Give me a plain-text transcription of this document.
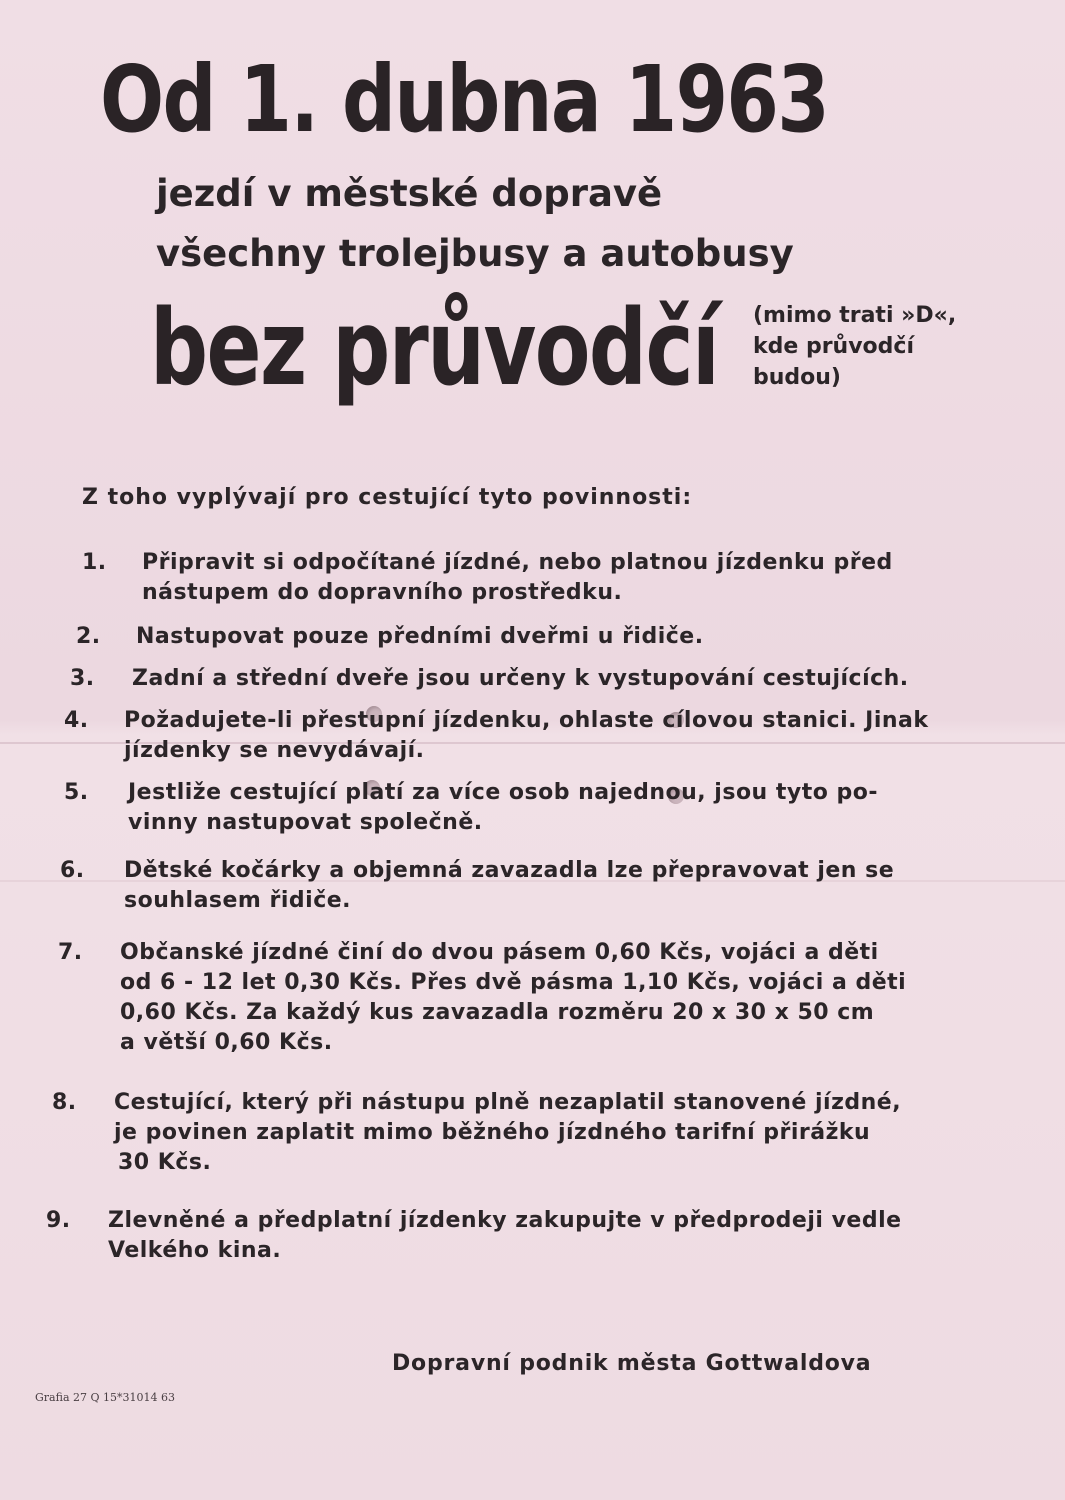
Od 1. dubna 1963
jezdí v městské dopravě
všechny trolejbusy a autobusy
bez průvodčí (mimo trati »D«,
kde průvodčí
budou)
Z toho vyplývají pro cestující tyto povinnosti:
1.	Připravit si odpočítané jízdné, nebo platnou jízdenku před
nástupem do dopravního prostředku.
2.	Nastupovat pouze předními dveřmi u řidiče.
3.	Zadní a střední dveře jsou určeny k vystupování cestujících.
4.	Požadujete-li přestupní jízdenku, ohlaste cílovou stanici. Jinak
jízdenky se nevydávají.
5.	Jestliže cestující platí za více osob najednou, jsou tyto po-
vinny nastupovat společně.
6.	Dětské kočárky a objemná zavazadla lze přepravovat jen se
souhlasem řidiče.
7.	Občanské jízdné činí do dvou pásem 0,60 Kčs, vojáci a děti
od 6 - 12 let 0,30 Kčs. Přes dvě pásma 1,10 Kčs, vojáci a děti
0,60 Kčs. Za každý kus zavazadla rozměru 20 x 30 x 50 cm
a větší 0,60 Kčs.
8.	Cestující, který při nástupu plně nezaplatil stanovené jízdné,
je povinen zaplatit mimo běžného jízdného tarifní přirážku
30 Kčs.
9.	Zlevněné a předplatní jízdenky zakupujte v předprodeji vedle
Velkého kina.
Dopravní podnik města Gottwaldova
Grafia 27 Q 15*31014 63
